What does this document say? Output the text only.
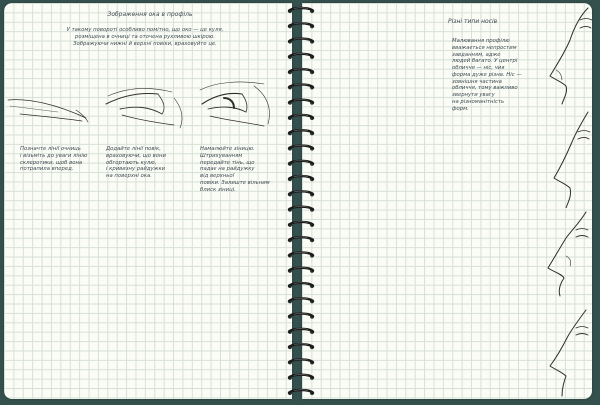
Зображення ока в профіль
У такому поворотi особливо помiтно, що око — це куля,
розмiщена в очницi та оточена рухливою шкiрою.
Зображуючи нижнi й верхнi повiки, враховуйте це.
Позначте лiнiї очниць
і вiзьмiть до уваги лiнiю
склеротики, щоб вона
потрапила вперед.
Додайте лiнiї повiк,
враховуючи, що вони
обгортають кулю,
і кривизну райдужки
на поверхнi ока.
Намалюйте зiницю.
Штрихуванням
передайте тiнь, що
падає на райдужку
вiд верхньої
повiки. Залиште вiльним
блиск зiницi.
Різні типи носів
Малювання профiлю
вважається непростим
завданням, адже
людей багато. У центрi
обличчя — нiс, чия
форма дуже рiзна. Ніс —
зовнiшня частина
обличчя, тому важливо
звернути увагу
на рiзноманiтнiсть
форм.
